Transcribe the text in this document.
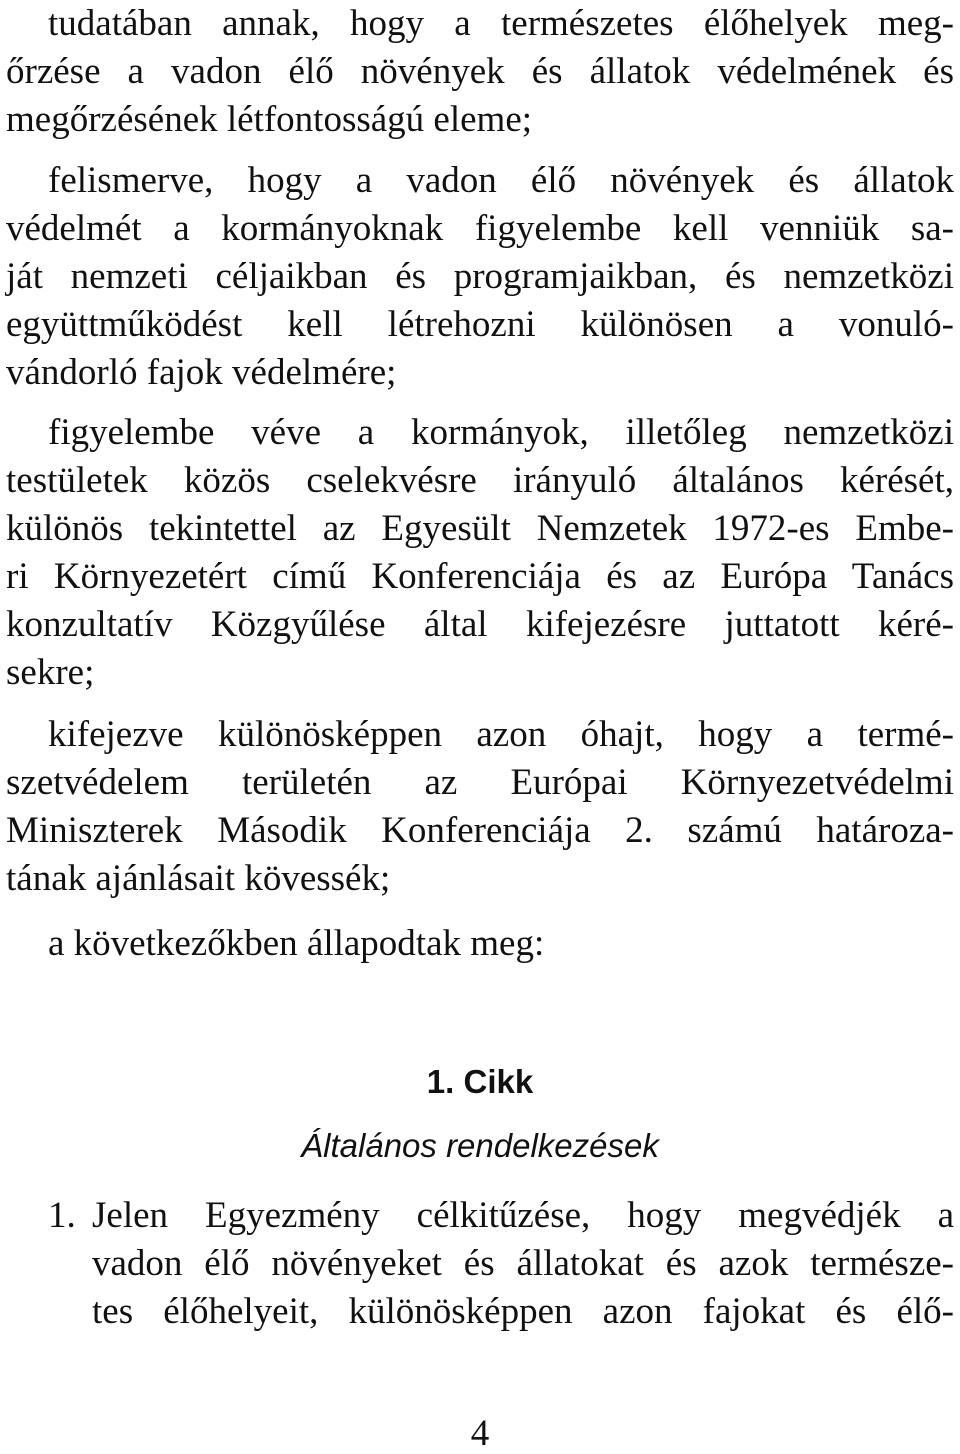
tudatában annak, hogy a természetes élőhelyek meg-
őrzése a vadon élő növények és állatok védelmének és
megőrzésének létfontosságú eleme;
felismerve, hogy a vadon élő növények és állatok
védelmét a kormányoknak figyelembe kell venniük sa-
ját nemzeti céljaikban és programjaikban, és nemzetközi
együttműködést kell létrehozni különösen a vonuló-
vándorló fajok védelmére;
figyelembe véve a kormányok, illetőleg nemzetközi
testületek közös cselekvésre irányuló általános kérését,
különös tekintettel az Egyesült Nemzetek 1972-es Embe-
ri Környezetért című Konferenciája és az Európa Tanács
konzultatív Közgyűlése által kifejezésre juttatott kéré-
sekre;
kifejezve különösképpen azon óhajt, hogy a termé-
szetvédelem területén az Európai Környezetvédelmi
Miniszterek Második Konferenciája 2. számú határoza-
tának ajánlásait kövessék;
a következőkben állapodtak meg:
1. Cikk
Általános rendelkezések
1. Jelen Egyezmény célkitűzése, hogy megvédjék a
vadon élő növényeket és állatokat és azok természe-
tes élőhelyeit, különösképpen azon fajokat és élő-
4
